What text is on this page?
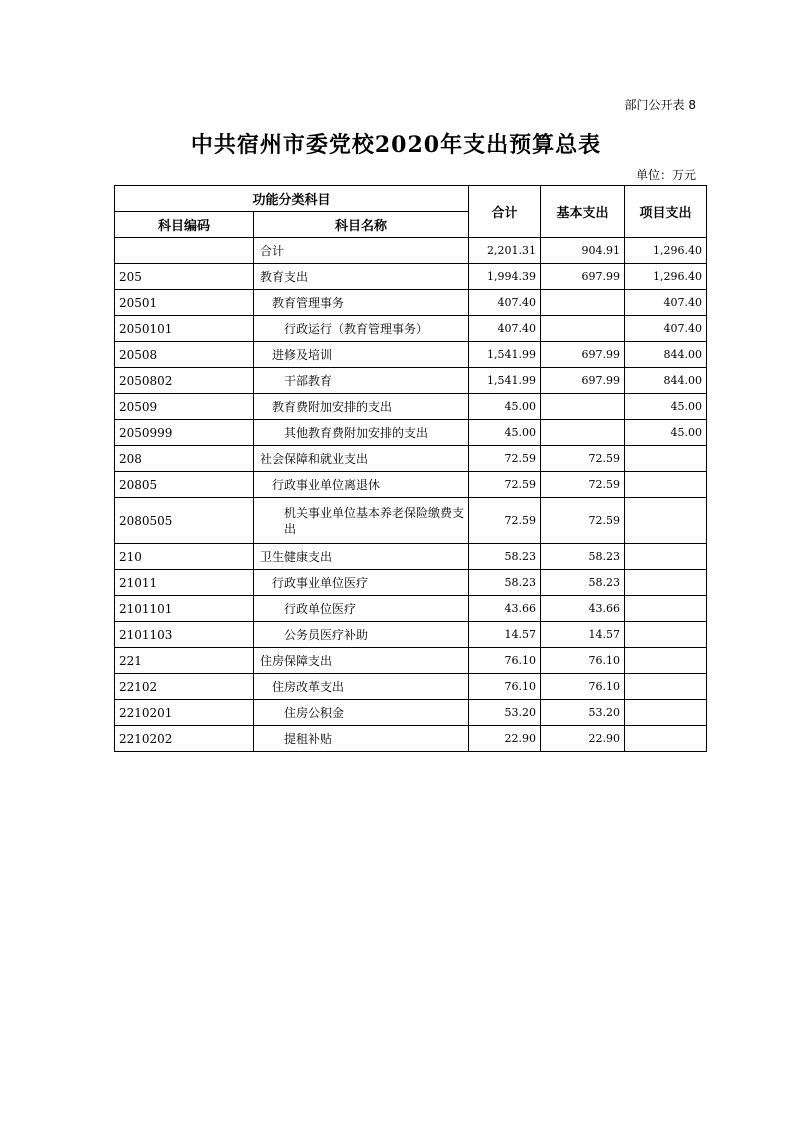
部门公开表 8
中共宿州市委党校2020年支出预算总表
单位：万元
功能分类科目		合计	基本支出	项目支出
科目编码	科目名称			
	合计	2,201.31	904.91	1,296.40
205	教育支出	1,994.39	697.99	1,296.40
20501	教育管理事务	407.40		407.40
2050101	行政运行（教育管理事务）	407.40		407.40
20508	进修及培训	1,541.99	697.99	844.00
2050802	干部教育	1,541.99	697.99	844.00
20509	教育费附加安排的支出	45.00		45.00
2050999	其他教育费附加安排的支出	45.00		45.00
208	社会保障和就业支出	72.59	72.59	
20805	行政事业单位离退休	72.59	72.59	
2080505	机关事业单位基本养老保险缴费支出	72.59	72.59	
210	卫生健康支出	58.23	58.23	
21011	行政事业单位医疗	58.23	58.23	
2101101	行政单位医疗	43.66	43.66	
2101103	公务员医疗补助	14.57	14.57	
221	住房保障支出	76.10	76.10	
22102	住房改革支出	76.10	76.10	
2210201	住房公积金	53.20	53.20	
2210202	提租补贴	22.90	22.90	
